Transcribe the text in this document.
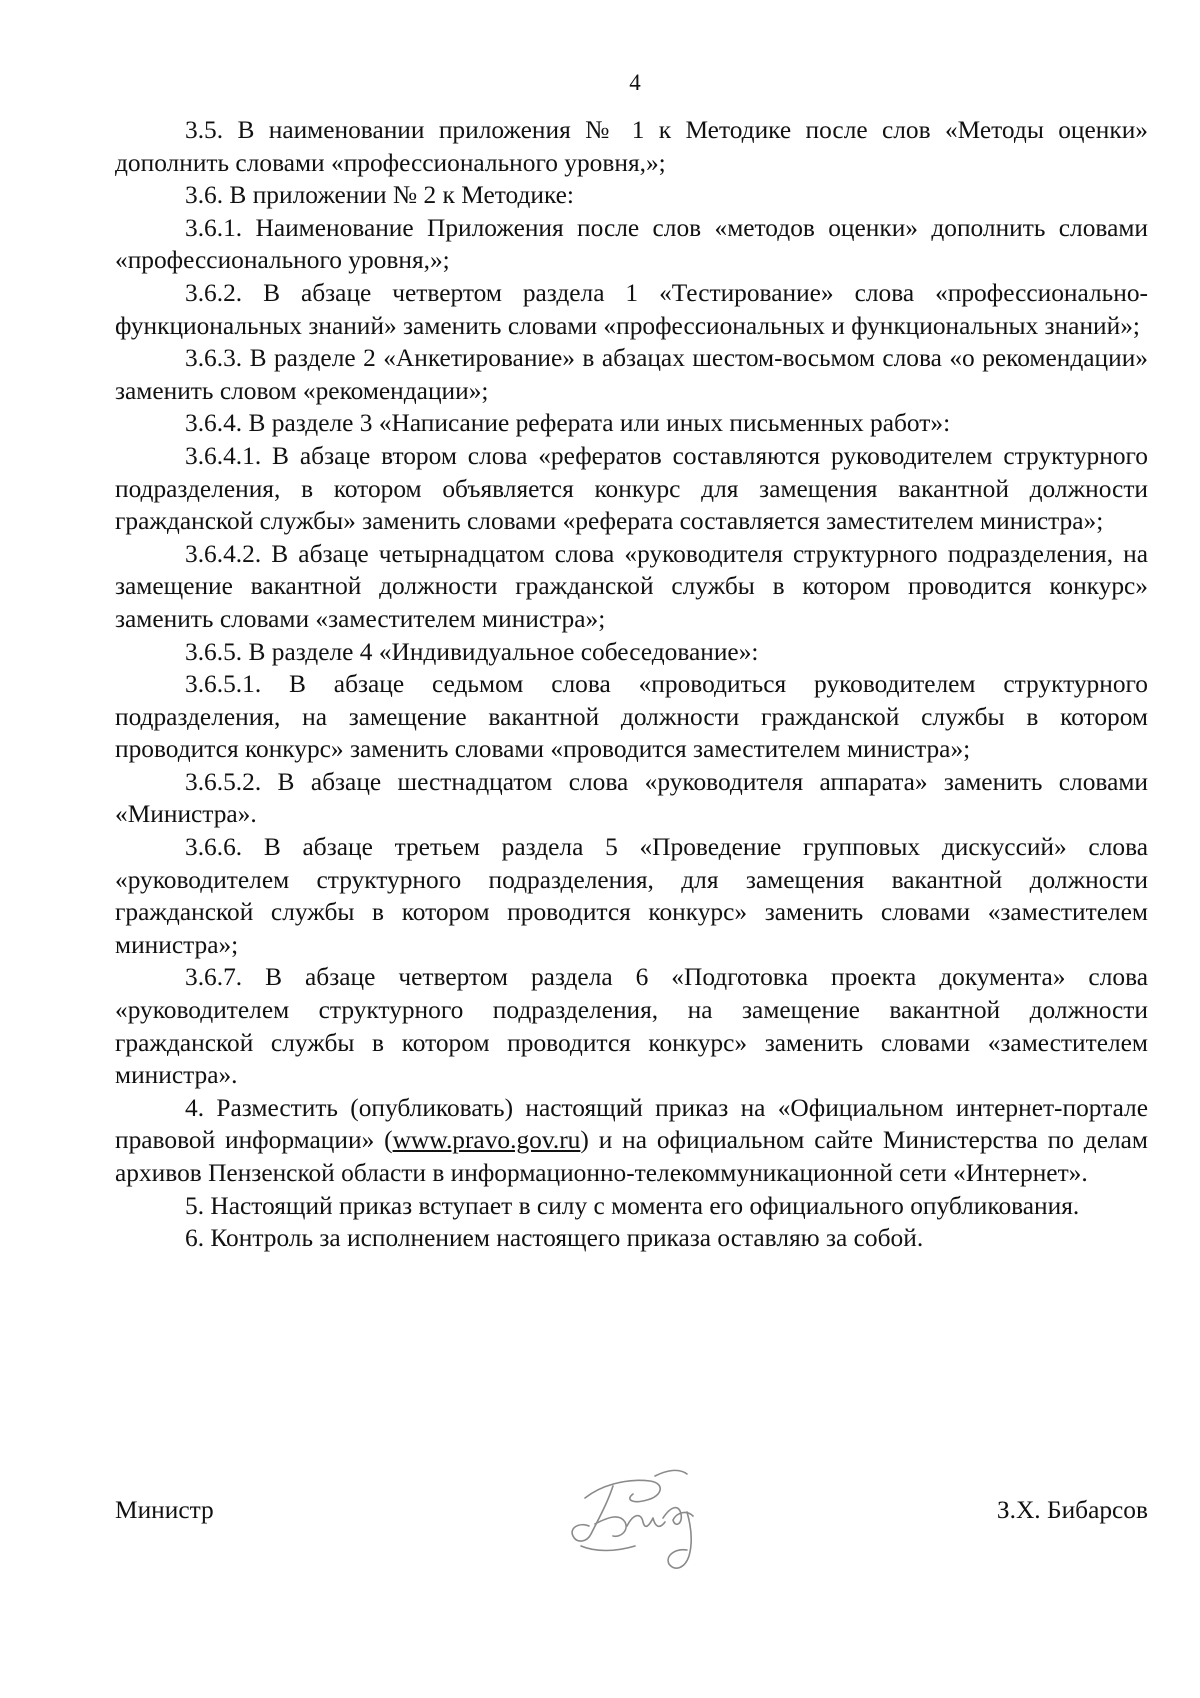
4

3.5. В наименовании приложения № 1 к Методике после слов «Методы оценки» дополнить словами «профессионального уровня,»;

3.6. В приложении № 2 к Методике:

3.6.1. Наименование Приложения после слов «методов оценки» дополнить словами «профессионального уровня,»;

3.6.2. В абзаце четвертом раздела 1 «Тестирование» слова «профессионально-функциональных знаний» заменить словами «профессиональных и функциональных знаний»;

3.6.3. В разделе 2 «Анкетирование» в абзацах шестом-восьмом слова «о рекомендации» заменить словом «рекомендации»;

3.6.4. В разделе 3 «Написание реферата или иных письменных работ»:

3.6.4.1. В абзаце втором слова «рефератов составляются руководителем структурного подразделения, в котором объявляется конкурс для замещения вакантной должности гражданской службы» заменить словами «реферата составляется заместителем министра»;

3.6.4.2. В абзаце четырнадцатом слова «руководителя структурного подразделения, на замещение вакантной должности гражданской службы в котором проводится конкурс» заменить словами «заместителем министра»;

3.6.5. В разделе 4 «Индивидуальное собеседование»:

3.6.5.1. В абзаце седьмом слова «проводиться руководителем структурного подразделения, на замещение вакантной должности гражданской службы в котором проводится конкурс» заменить словами «проводится заместителем министра»;

3.6.5.2. В абзаце шестнадцатом слова «руководителя аппарата» заменить словами «Министра».

3.6.6. В абзаце третьем раздела 5 «Проведение групповых дискуссий» слова «руководителем структурного подразделения, для замещения вакантной должности гражданской службы в котором проводится конкурс» заменить словами «заместителем министра»;

3.6.7. В абзаце четвертом раздела 6 «Подготовка проекта документа» слова «руководителем структурного подразделения, на замещение вакантной должности гражданской службы в котором проводится конкурс» заменить словами «заместителем министра».

4. Разместить (опубликовать) настоящий приказ на «Официальном интернет-портале правовой информации» (www.pravo.gov.ru) и на официальном сайте Министерства по делам архивов Пензенской области в информационно-телекоммуникационной сети «Интернет».

5. Настоящий приказ вступает в силу с момента его официального опубликования.

6. Контроль за исполнением настоящего приказа оставляю за собой.

Министр	З.Х. Бибарсов
